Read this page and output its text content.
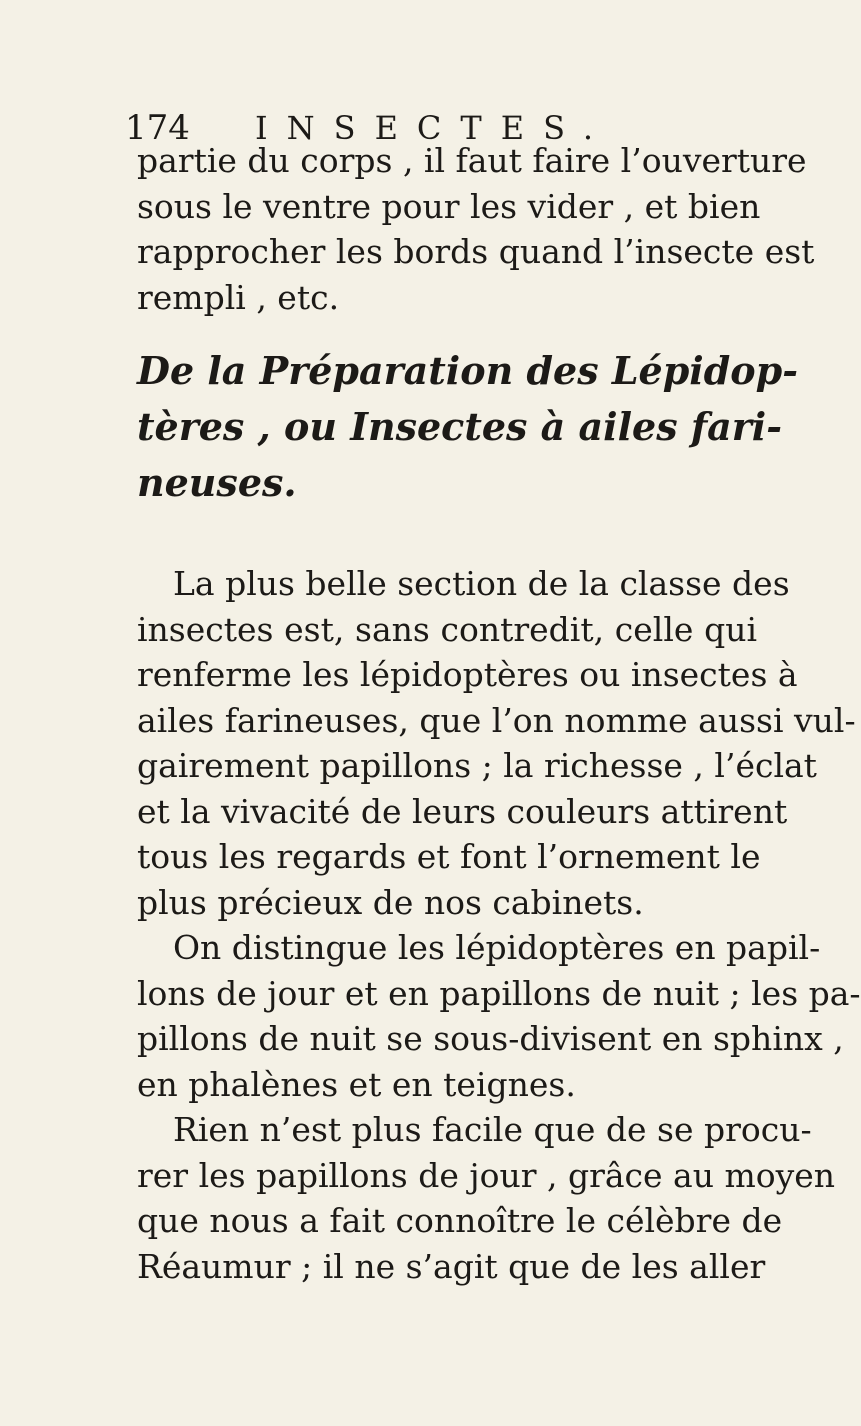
174 INSECTES.
partie du corps , il faut faire l’ouverture
sous le ventre pour les vider , et bien
rapprocher les bords quand l’insecte est
rempli , etc.
De la Préparation des Lépidop-
tères , ou Insectes à ailes fari-
neuses.
La plus belle section de la classe des
insectes est, sans contredit, celle qui
renferme les lépidoptères ou insectes à
ailes farineuses, que l’on nomme aussi vul-
gairement papillons ; la richesse , l’éclat
et la vivacité de leurs couleurs attirent
tous les regards et font l’ornement le
plus précieux de nos cabinets.
On distingue les lépidoptères en papil-
lons de jour et en papillons de nuit ; les pa-
pillons de nuit se sous-divisent en sphinx ,
en phalènes et en teignes.
Rien n’est plus facile que de se procu-
rer les papillons de jour , grâce au moyen
que nous a fait connoître le célèbre de
Réaumur ; il ne s’agit que de les aller
